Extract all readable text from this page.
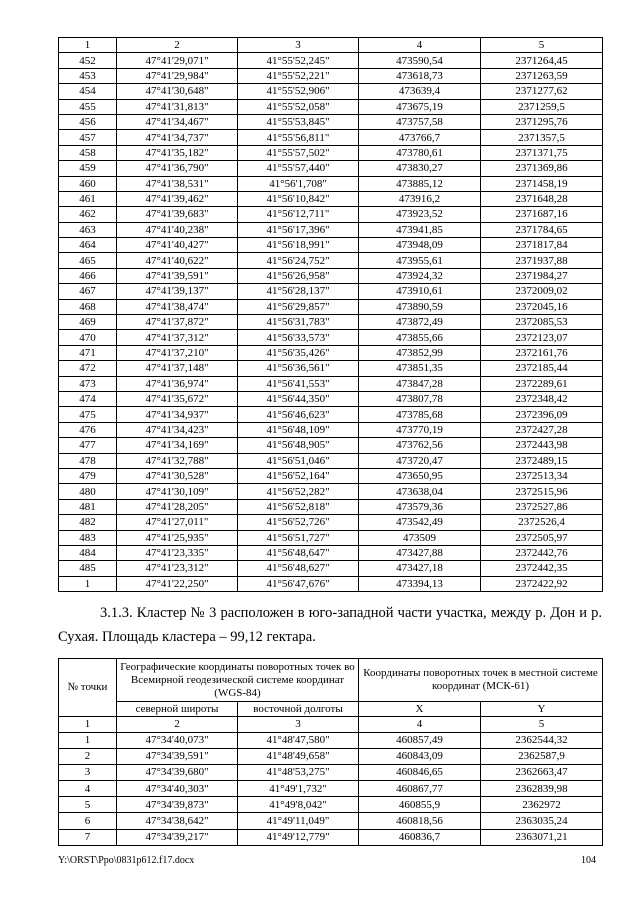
1	2	3	4	5
452	47°41'29,071"	41°55'52,245"	473590,54	2371264,45
453	47°41'29,984"	41°55'52,221"	473618,73	2371263,59
454	47°41'30,648"	41°55'52,906"	473639,4	2371277,62
455	47°41'31,813"	41°55'52,058"	473675,19	2371259,5
456	47°41'34,467"	41°55'53,845"	473757,58	2371295,76
457	47°41'34,737"	41°55'56,811"	473766,7	2371357,5
458	47°41'35,182"	41°55'57,502"	473780,61	2371371,75
459	47°41'36,790"	41°55'57,440"	473830,27	2371369,86
460	47°41'38,531"	41°56'1,708"	473885,12	2371458,19
461	47°41'39,462"	41°56'10,842"	473916,2	2371648,28
462	47°41'39,683"	41°56'12,711"	473923,52	2371687,16
463	47°41'40,238"	41°56'17,396"	473941,85	2371784,65
464	47°41'40,427"	41°56'18,991"	473948,09	2371817,84
465	47°41'40,622"	41°56'24,752"	473955,61	2371937,88
466	47°41'39,591"	41°56'26,958"	473924,32	2371984,27
467	47°41'39,137"	41°56'28,137"	473910,61	2372009,02
468	47°41'38,474"	41°56'29,857"	473890,59	2372045,16
469	47°41'37,872"	41°56'31,783"	473872,49	2372085,53
470	47°41'37,312"	41°56'33,573"	473855,66	2372123,07
471	47°41'37,210"	41°56'35,426"	473852,99	2372161,76
472	47°41'37,148"	41°56'36,561"	473851,35	2372185,44
473	47°41'36,974"	41°56'41,553"	473847,28	2372289,61
474	47°41'35,672"	41°56'44,350"	473807,78	2372348,42
475	47°41'34,937"	41°56'46,623"	473785,68	2372396,09
476	47°41'34,423"	41°56'48,109"	473770,19	2372427,28
477	47°41'34,169"	41°56'48,905"	473762,56	2372443,98
478	47°41'32,788"	41°56'51,046"	473720,47	2372489,15
479	47°41'30,528"	41°56'52,164"	473650,95	2372513,34
480	47°41'30,109"	41°56'52,282"	473638,04	2372515,96
481	47°41'28,205"	41°56'52,818"	473579,36	2372527,86
482	47°41'27,011"	41°56'52,726"	473542,49	2372526,4
483	47°41'25,935"	41°56'51,727"	473509	2372505,97
484	47°41'23,335"	41°56'48,647"	473427,88	2372442,76
485	47°41'23,312"	41°56'48,627"	473427,18	2372442,35
1	47°41'22,250"	41°56'47,676"	473394,13	2372422,92
3.1.3. Кластер № 3 расположен в юго-западной части участка, между р. Дон и р. Сухая. Площадь кластера – 99,12 гектара.
№ точки	Географические координаты поворотных точек во Всемирной геодезической системе координат (WGS-84)		Координаты поворотных точек в местной системе координат (МСК-61)	
	северной широты	восточной долготы	X	Y
1	2	3	4	5
1	47°34'40,073"	41°48'47,580"	460857,49	2362544,32
2	47°34'39,591"	41°48'49,658"	460843,09	2362587,9
3	47°34'39,680"	41°48'53,275"	460846,65	2362663,47
4	47°34'40,303"	41°49'1,732"	460867,77	2362839,98
5	47°34'39,873"	41°49'8,042"	460855,9	2362972
6	47°34'38,642"	41°49'11,049"	460818,56	2363035,24
7	47°34'39,217"	41°49'12,779"	460836,7	2363071,21
Y:\ORST\Ppo\0831p612.f17.docx	104
